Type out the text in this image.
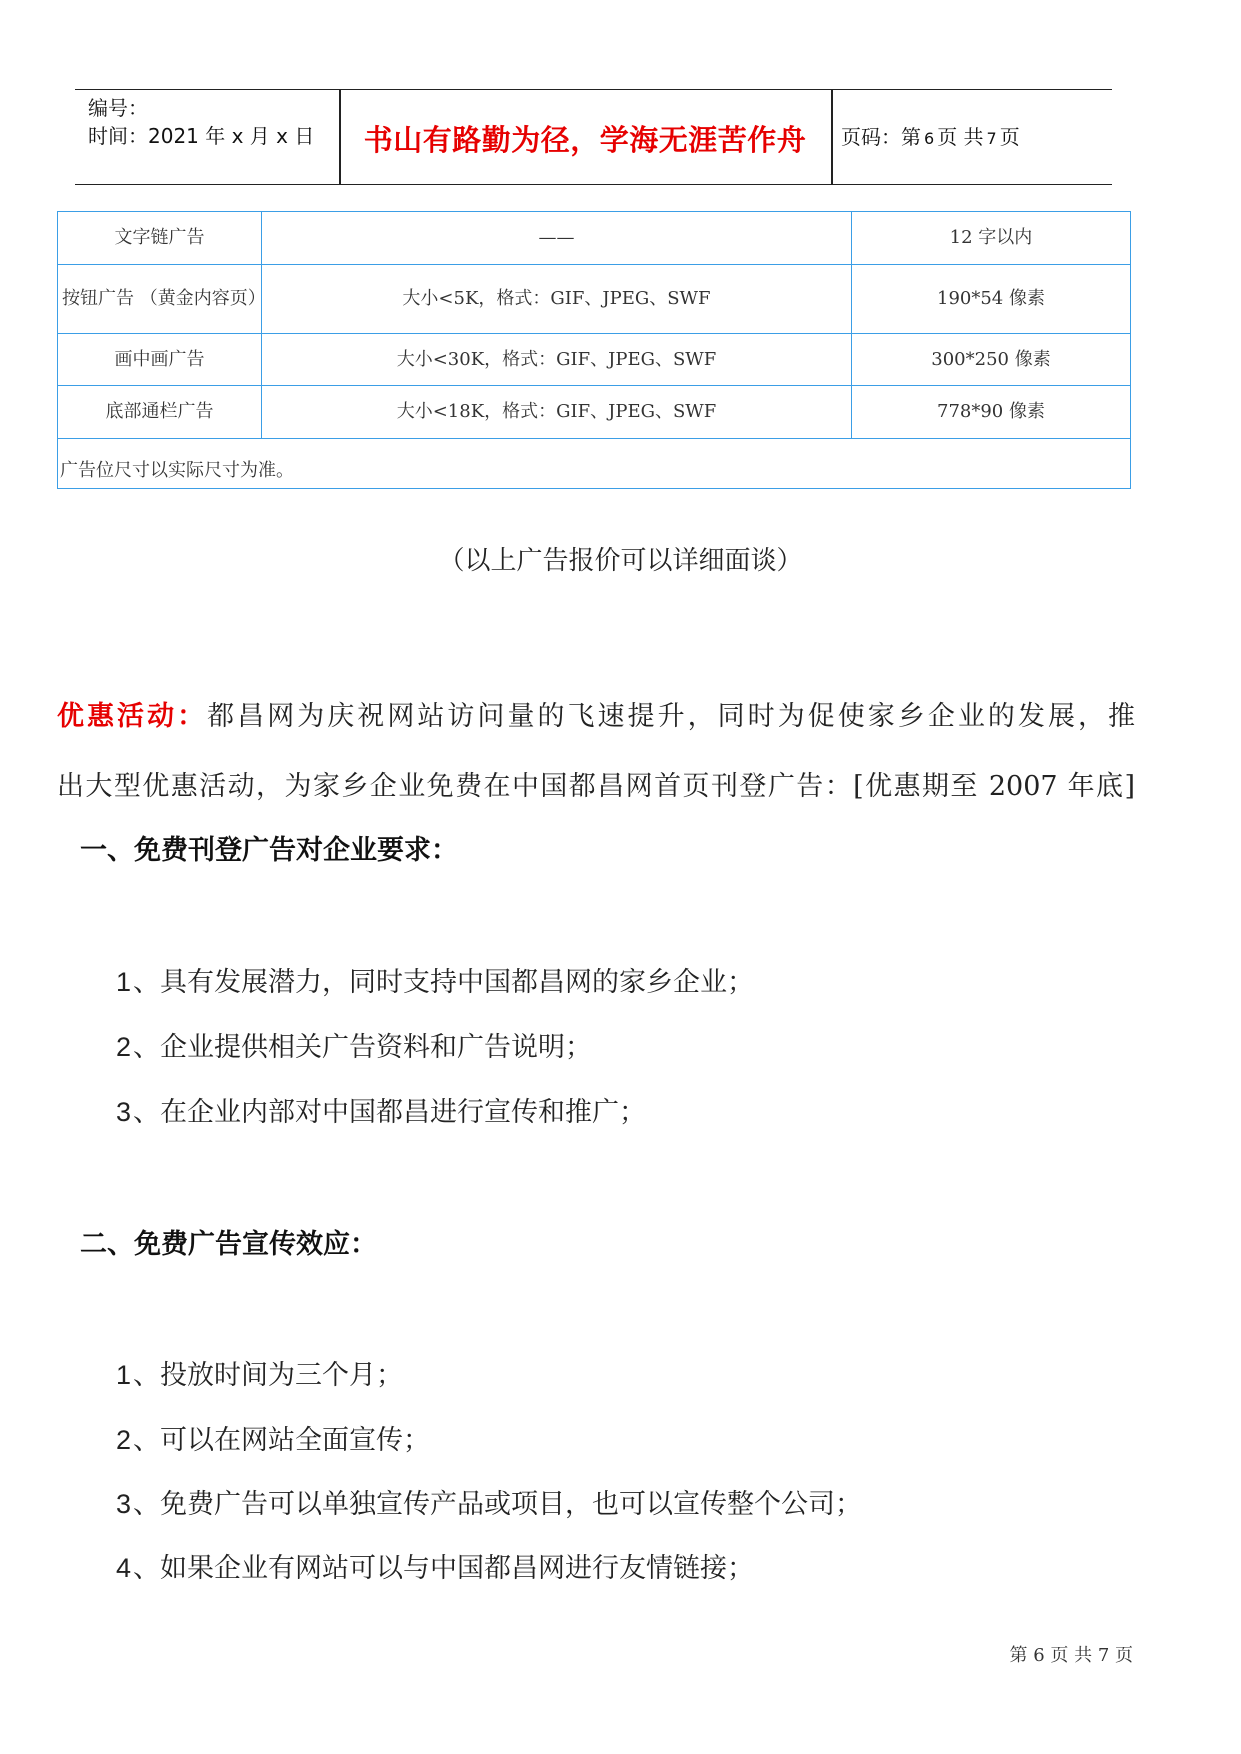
编号：
时间：2021 年 x 月 x 日	书山有路勤为径，学海无涯苦作舟	页码：第 6 页 共 7 页
文字链广告	——	12 字以内
按钮广告 （黄金内容页）	大小<5K，格式：GIF、JPEG、SWF	190*54 像素
画中画广告	大小<30K，格式：GIF、JPEG、SWF	300*250 像素
底部通栏广告	大小<18K，格式：GIF、JPEG、SWF	778*90 像素
广告位尺寸以实际尺寸为准。		
（以上广告报价可以详细面谈）
优惠活动：都昌网为庆祝网站访问量的飞速提升，同时为促使家乡企业的发展，推
出大型优惠活动，为家乡企业免费在中国都昌网首页刊登广告：[优惠期至 2007 年底]
一、免费刊登广告对企业要求：
1、具有发展潜力，同时支持中国都昌网的家乡企业；
2、企业提供相关广告资料和广告说明；
3、在企业内部对中国都昌进行宣传和推广；
二、免费广告宣传效应：
1、投放时间为三个月；
2、可以在网站全面宣传；
3、免费广告可以单独宣传产品或项目，也可以宣传整个公司；
4、如果企业有网站可以与中国都昌网进行友情链接；
第 6 页 共 7 页
